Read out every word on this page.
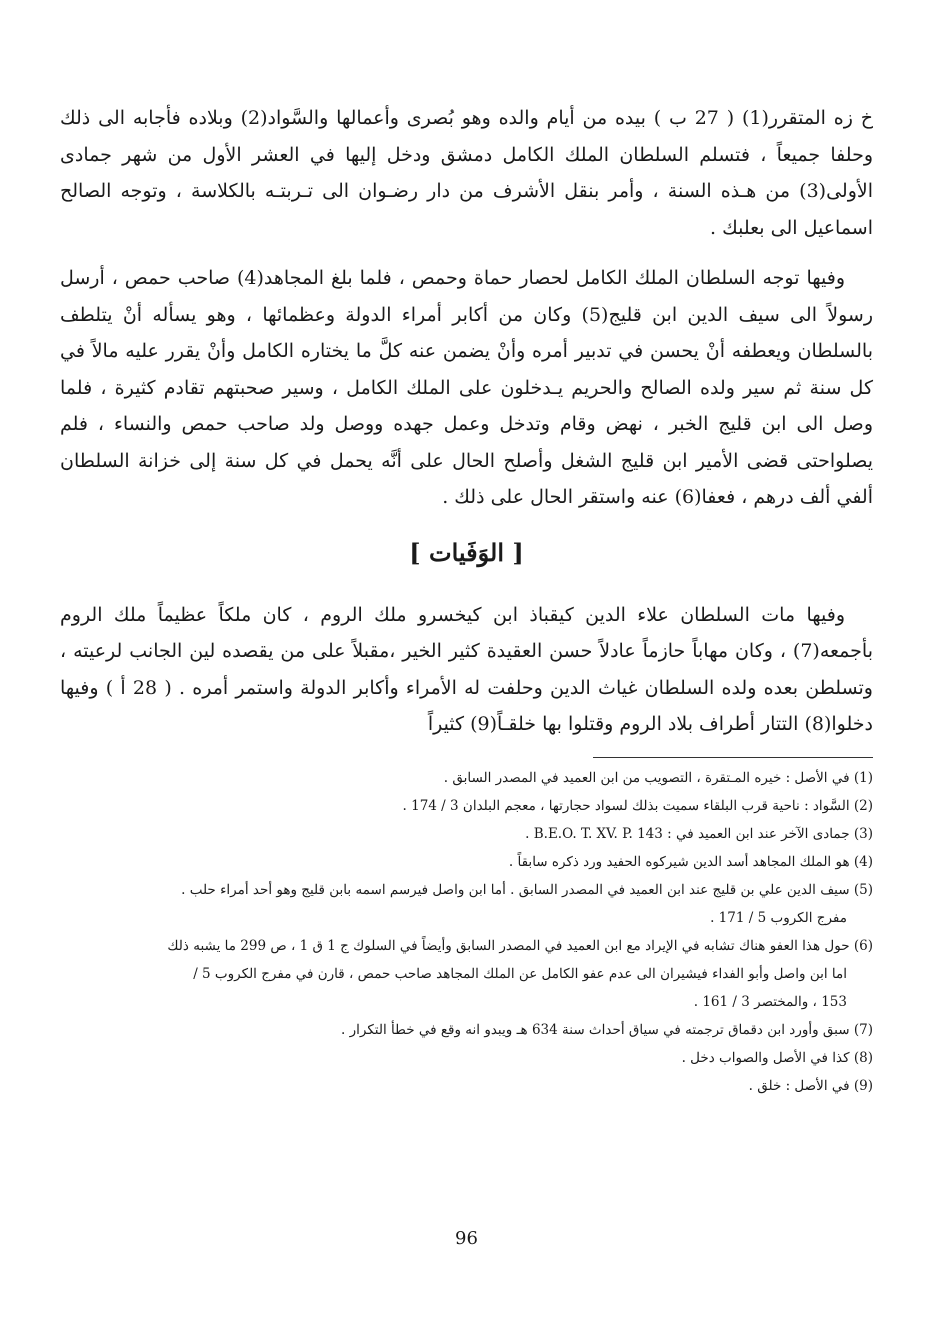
خ زه المتقرر(1) ( 27 ب ) بيده من أيام والده وهو بُصرى وأعمالها والسَّواد(2) وبلاده فأجابه الى ذلك وحلفا جميعاً ، فتسلم السلطان الملك الكامل دمشق ودخل إليها في العشر الأول من شهر جمادى الأولى(3) من هـذه السنة ، وأمر بنقل الأشرف من دار رضـوان الى تـربتـه بالكلاسة ، وتوجه الصالح اسماعيل الى بعلبك .

وفيها توجه السلطان الملك الكامل لحصار حماة وحمص ، فلما بلغ المجاهد(4) صاحب حمص ، أرسل رسولاً الى سيف الدين ابن قليج(5) وكان من أكابر أمراء الدولة وعظمائها ، وهو يسأله أنْ يتلطف بالسلطان ويعطفه أنْ يحسن في تدبير أمره وأنْ يضمن عنه كلَّ ما يختاره الكامل وأنْ يقرر عليه مالاً في كل سنة ثم سير ولده الصالح والحريم يـدخلون على الملك الكامل ، وسير صحبتهم تقادم كثيرة ، فلما وصل الى ابن قليج الخبر ، نهض وقام وتدخل وعمل جهده ووصل ولد صاحب حمص والنساء ، فلم يصلواحتى قضى الأمير ابن قليج الشغل وأصلح الحال على أنَّه يحمل في كل سنة إلى خزانة السلطان ألفي ألف درهم ، فعفا(6) عنه واستقر الحال على ذلك .

[ الوَفَيات ]

وفيها مات السلطان علاء الدين كيقباذ ابن كيخسرو ملك الروم ، كان ملكاً عظيماً ملك الروم بأجمعه(7) ، وكان مهاباً حازماً عادلاً حسن العقيدة كثير الخير ،مقبلاً على من يقصده لين الجانب لرعيته ، وتسلطن بعده ولده السلطان غياث الدين وحلفت له الأمراء وأكابر الدولة واستمر أمره . ( 28 أ ) وفيها دخلوا(8) التتار أطراف بلاد الروم وقتلوا بها خلقـاً(9) كثيراً

(1) في الأصل : خيره المـتقرة ، التصويب من ابن العميد في المصدر السابق .

(2) السَّواد : ناحية قرب البلقاء سميت بذلك لسواد حجارتها ، معجم البلدان 3 / 174 .

(3) جمادى الآخر عند ابن العميد في : B.E.O. T. XV. P. 143 .

(4) هو الملك المجاهد أسد الدين شيركوه الحفيد ورد ذكره سابقاً .

(5) سيف الدين علي بن قليج عند ابن العميد في المصدر السابق . أما ابن واصل فيرسم اسمه بابن قليج وهو أحد أمراء حلب .

مفرج الكروب 5 / 171 .

(6) حول هذا العفو هناك تشابه في الإيراد مع ابن العميد في المصدر السابق وأيضاً في السلوك ج 1 ق 1 ، ص 299 ما يشبه ذلك

اما ابن واصل وأبو الفداء فيشيران الى عدم عفو الكامل عن الملك المجاهد صاحب حمص ، قارن في مفرج الكروب 5 /

153 ، والمختصر 3 / 161 .

(7) سبق وأورد ابن دقماق ترجمته في سياق أحداث سنة 634 هـ ويبدو انه وقع في خطأ التكرار .

(8) كذا في الأصل والصواب دخل .

(9) في الأصل : خلق .

96
